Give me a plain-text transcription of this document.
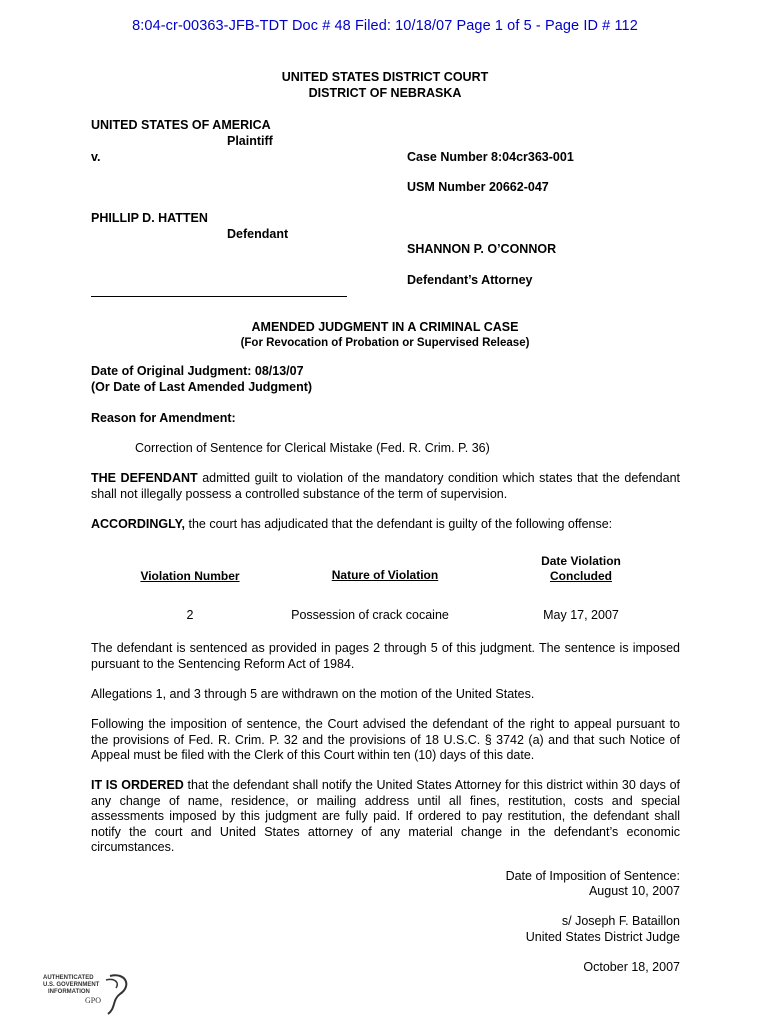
8:04-cr-00363-JFB-TDT Doc # 48 Filed: 10/18/07 Page 1 of 5 - Page ID # 112
UNITED STATES DISTRICT COURT
DISTRICT OF NEBRASKA
UNITED STATES OF AMERICA
Plaintiff
v.	Case Number 8:04cr363-001
USM Number 20662-047
PHILLIP D. HATTEN
Defendant
SHANNON P. O’CONNOR
Defendant’s Attorney
AMENDED JUDGMENT IN A CRIMINAL CASE
(For Revocation of Probation or Supervised Release)
Date of Original Judgment: 08/13/07
(Or Date of Last Amended Judgment)
Reason for Amendment:
Correction of Sentence for Clerical Mistake (Fed. R. Crim. P. 36)

THE DEFENDANT admitted guilt to violation of the mandatory condition which states that the defendant shall not illegally possess a controlled substance of the term of supervision.

ACCORDINGLY, the court has adjudicated that the defendant is guilty of the following offense:

Violation Number	Nature of Violation
Date Violation
Concluded
2	Possession of crack cocaine	May 17, 2007

The defendant is sentenced as provided in pages 2 through 5 of this judgment. The sentence is imposed pursuant to the Sentencing Reform Act of 1984.

Allegations 1, and 3 through 5 are withdrawn on the motion of the United States.

Following the imposition of sentence, the Court advised the defendant of the right to appeal pursuant to the provisions of Fed. R. Crim. P. 32 and the provisions of 18 U.S.C. § 3742 (a) and that such Notice of Appeal must be filed with the Clerk of this Court within ten (10) days of this date.

IT IS ORDERED that the defendant shall notify the United States Attorney for this district within 30 days of any change of name, residence, or mailing address until all fines, restitution, costs and special assessments imposed by this judgment are fully paid. If ordered to pay restitution, the defendant shall notify the court and United States attorney of any material change in the defendant’s economic circumstances.

Date of Imposition of Sentence:
August 10, 2007
s/ Joseph F. Bataillon
United States District Judge
October 18, 2007
AUTHENTICATED
U.S. GOVERNMENT
INFORMATION
GPO
